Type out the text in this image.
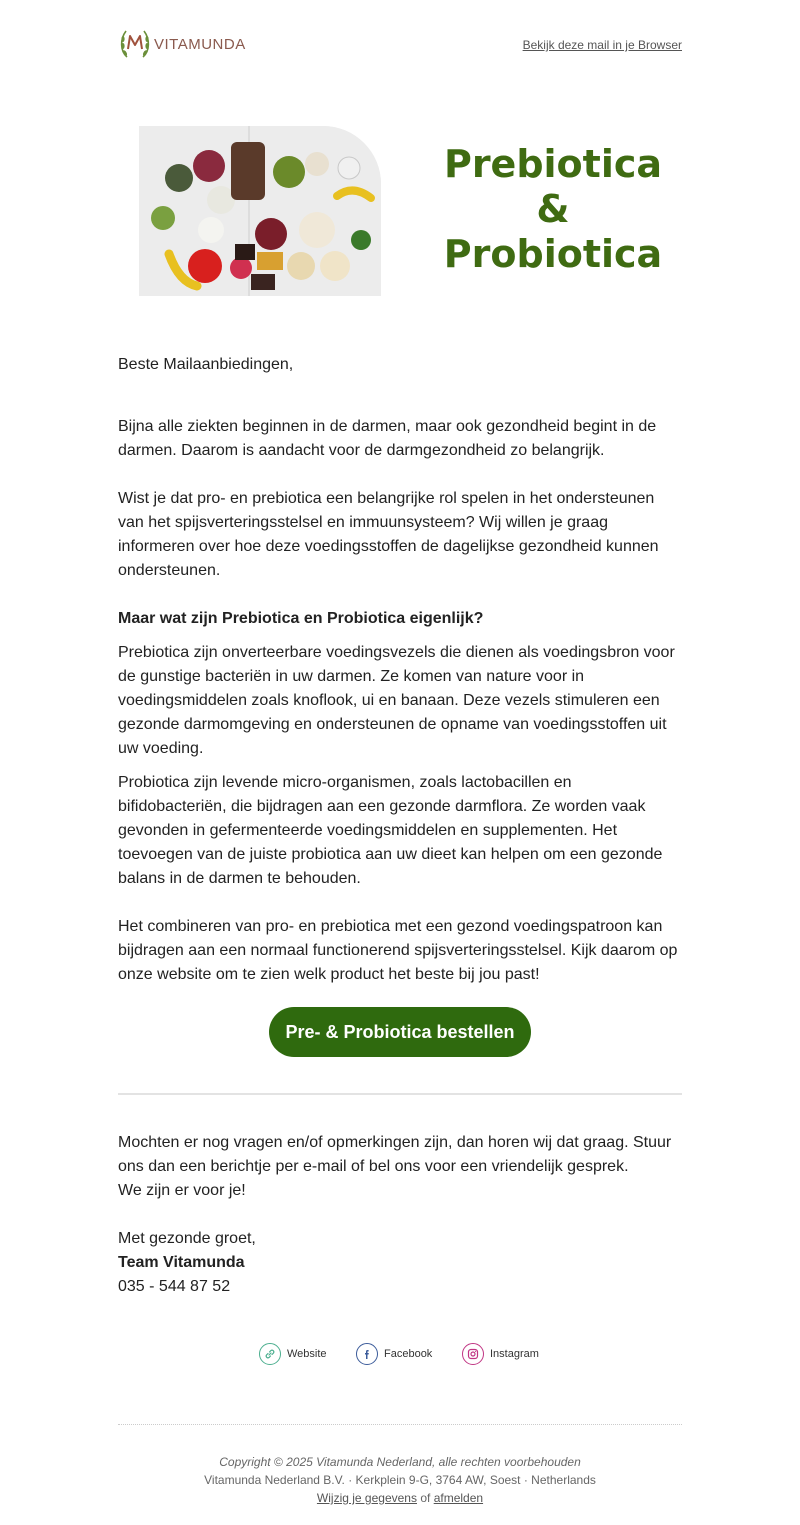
VITAMUNDA	Bekijk deze mail in je Browser
Prebiotica
&
Probiotica
Beste Mailaanbiedingen,
Bijna alle ziekten beginnen in de darmen, maar ook gezondheid begint in de darmen. Daarom is aandacht voor de darmgezondheid zo belangrijk.
Wist je dat pro- en prebiotica een belangrijke rol spelen in het ondersteunen van het spijsverteringsstelsel en immuunsysteem? Wij willen je graag informeren over hoe deze voedingsstoffen de dagelijkse gezondheid kunnen ondersteunen.
Maar wat zijn Prebiotica en Probiotica eigenlijk?
Prebiotica zijn onverteerbare voedingsvezels die dienen als voedingsbron voor de gunstige bacteriën in uw darmen. Ze komen van nature voor in voedingsmiddelen zoals knoflook, ui en banaan. Deze vezels stimuleren een gezonde darmomgeving en ondersteunen de opname van voedingsstoffen uit uw voeding.
Probiotica zijn levende micro-organismen, zoals lactobacillen en bifidobacteriën, die bijdragen aan een gezonde darmflora. Ze worden vaak gevonden in gefermenteerde voedingsmiddelen en supplementen. Het toevoegen van de juiste probiotica aan uw dieet kan helpen om een gezonde balans in de darmen te behouden.
Het combineren van pro- en prebiotica met een gezond voedingspatroon kan bijdragen aan een normaal functionerend spijsverteringsstelsel. Kijk daarom op onze website om te zien welk product het beste bij jou past!
Pre- & Probiotica bestellen
Mochten er nog vragen en/of opmerkingen zijn, dan horen wij dat graag. Stuur ons dan een berichtje per e-mail of bel ons voor een vriendelijk gesprek.
We zijn er voor je!
Met gezonde groet,
Team Vitamunda
035 - 544 87 52
Website	Facebook	Instagram
Copyright © 2025 Vitamunda Nederland, alle rechten voorbehouden
Vitamunda Nederland B.V. · Kerkplein 9-G, 3764 AW, Soest · Netherlands
Wijzig je gegevens of afmelden
